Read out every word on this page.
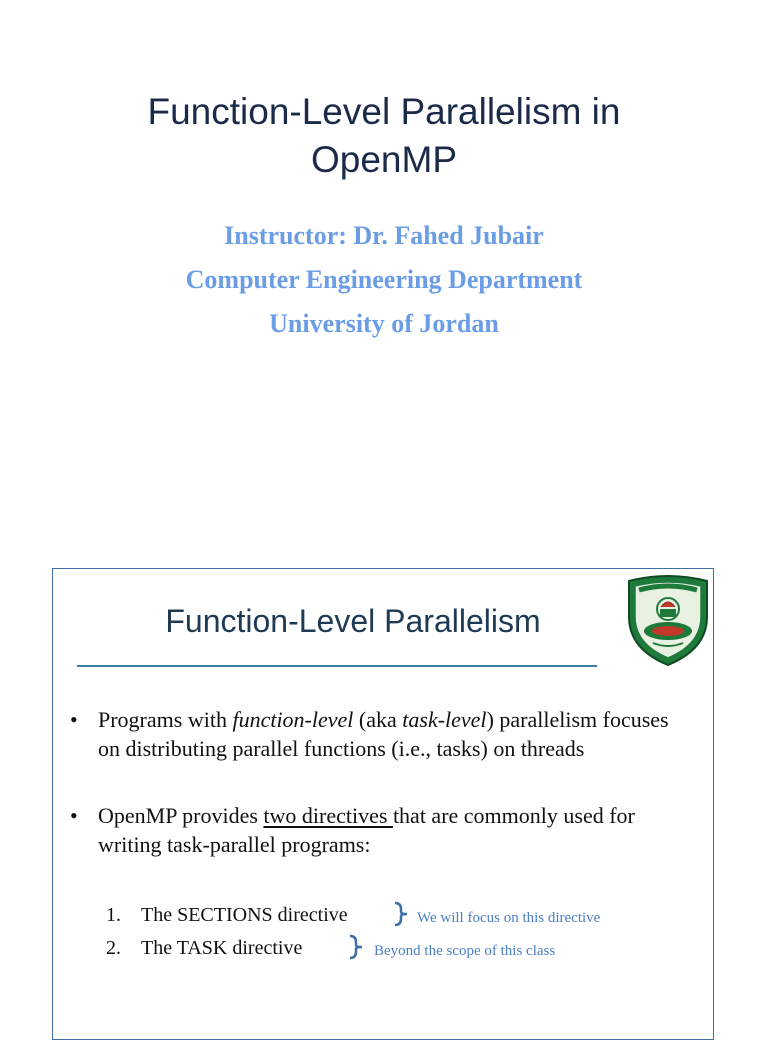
Function-Level Parallelism in
OpenMP

Instructor: Dr. Fahed Jubair

Computer Engineering Department

University of Jordan

Function-Level Parallelism
• Programs with function-level (aka task-level) parallelism focuses on distributing parallel functions (i.e., tasks) on threads
• OpenMP provides two directives that are commonly used for writing task-parallel programs:
1. The SECTIONS directive	We will focus on this directive
2. The TASK directive	Beyond the scope of this class
